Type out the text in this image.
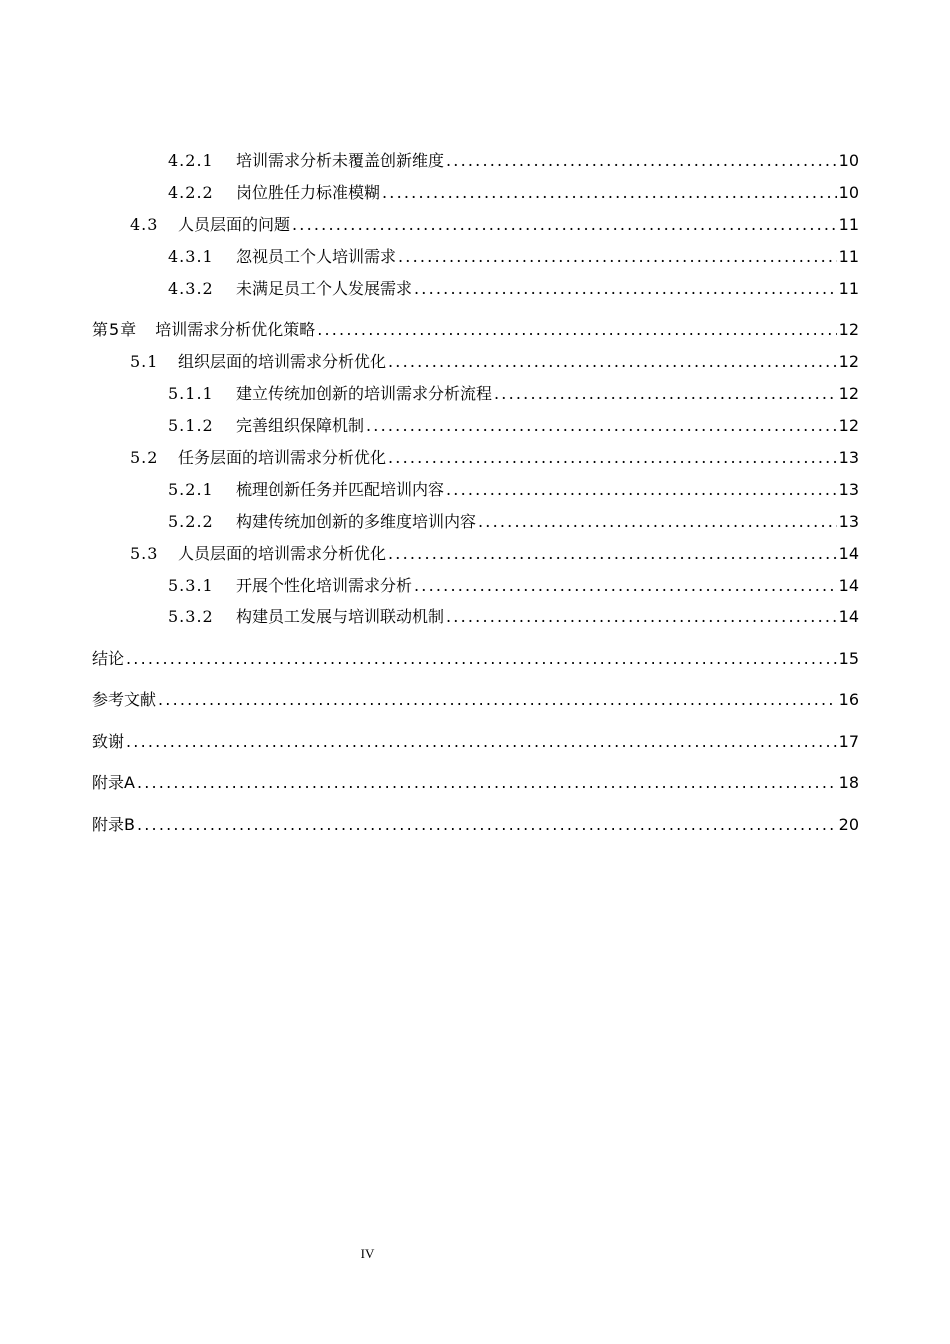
4.2.1	培训需求分析未覆盖创新维度 .....	10
4.2.2	岗位胜任力标准模糊 .....	10
4.3	人员层面的问题 .....	11
4.3.1	忽视员工个人培训需求 .....	11
4.3.2	未满足员工个人发展需求 .....	11
第5章 培训需求分析优化策略 .....	12
5.1	组织层面的培训需求分析优化 .....	12
5.1.1	建立传统加创新的培训需求分析流程 .....	12
5.1.2	完善组织保障机制 .....	12
5.2	任务层面的培训需求分析优化 .....	13
5.2.1	梳理创新任务并匹配培训内容 .....	13
5.2.2	构建传统加创新的多维度培训内容 .....	13
5.3	人员层面的培训需求分析优化 .....	14
5.3.1	开展个性化培训需求分析 .....	14
5.3.2	构建员工发展与培训联动机制 .....	14
结论 .....	15
参考文献 .....	16
致谢 .....	17
附录A .....	18
附录B .....	20
IV
